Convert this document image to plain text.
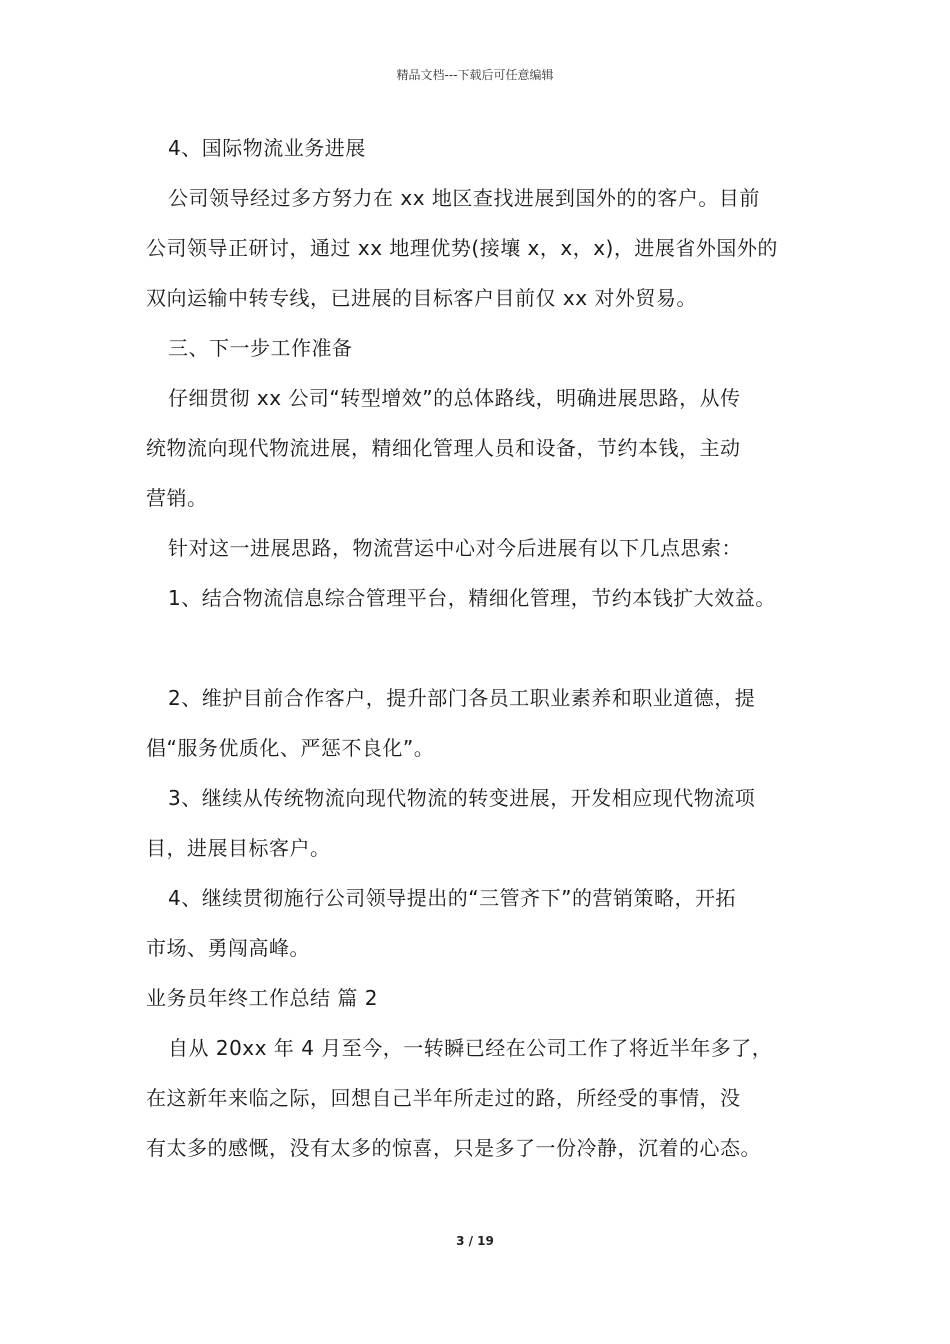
精品文档---下载后可任意编辑
4、国际物流业务进展
公司领导经过多方努力在 xx 地区查找进展到国外的的客户。目前
公司领导正研讨，通过 xx 地理优势(接壤 x，x，x)，进展省外国外的
双向运输中转专线，已进展的目标客户目前仅 xx 对外贸易。
三、下一步工作准备
仔细贯彻 xx 公司“转型增效”的总体路线，明确进展思路，从传
统物流向现代物流进展，精细化管理人员和设备，节约本钱，主动
营销。
针对这一进展思路，物流营运中心对今后进展有以下几点思索：
1、结合物流信息综合管理平台，精细化管理，节约本钱扩大效益。
2、维护目前合作客户，提升部门各员工职业素养和职业道德，提
倡“服务优质化、严惩不良化”。
3、继续从传统物流向现代物流的转变进展，开发相应现代物流项
目，进展目标客户。
4、继续贯彻施行公司领导提出的“三管齐下”的营销策略，开拓
市场、勇闯高峰。
业务员年终工作总结 篇 2
自从 20xx 年 4 月至今，一转瞬已经在公司工作了将近半年多了，
在这新年来临之际，回想自己半年所走过的路，所经受的事情，没
有太多的感慨，没有太多的惊喜，只是多了一份冷静，沉着的心态。
3 / 19
